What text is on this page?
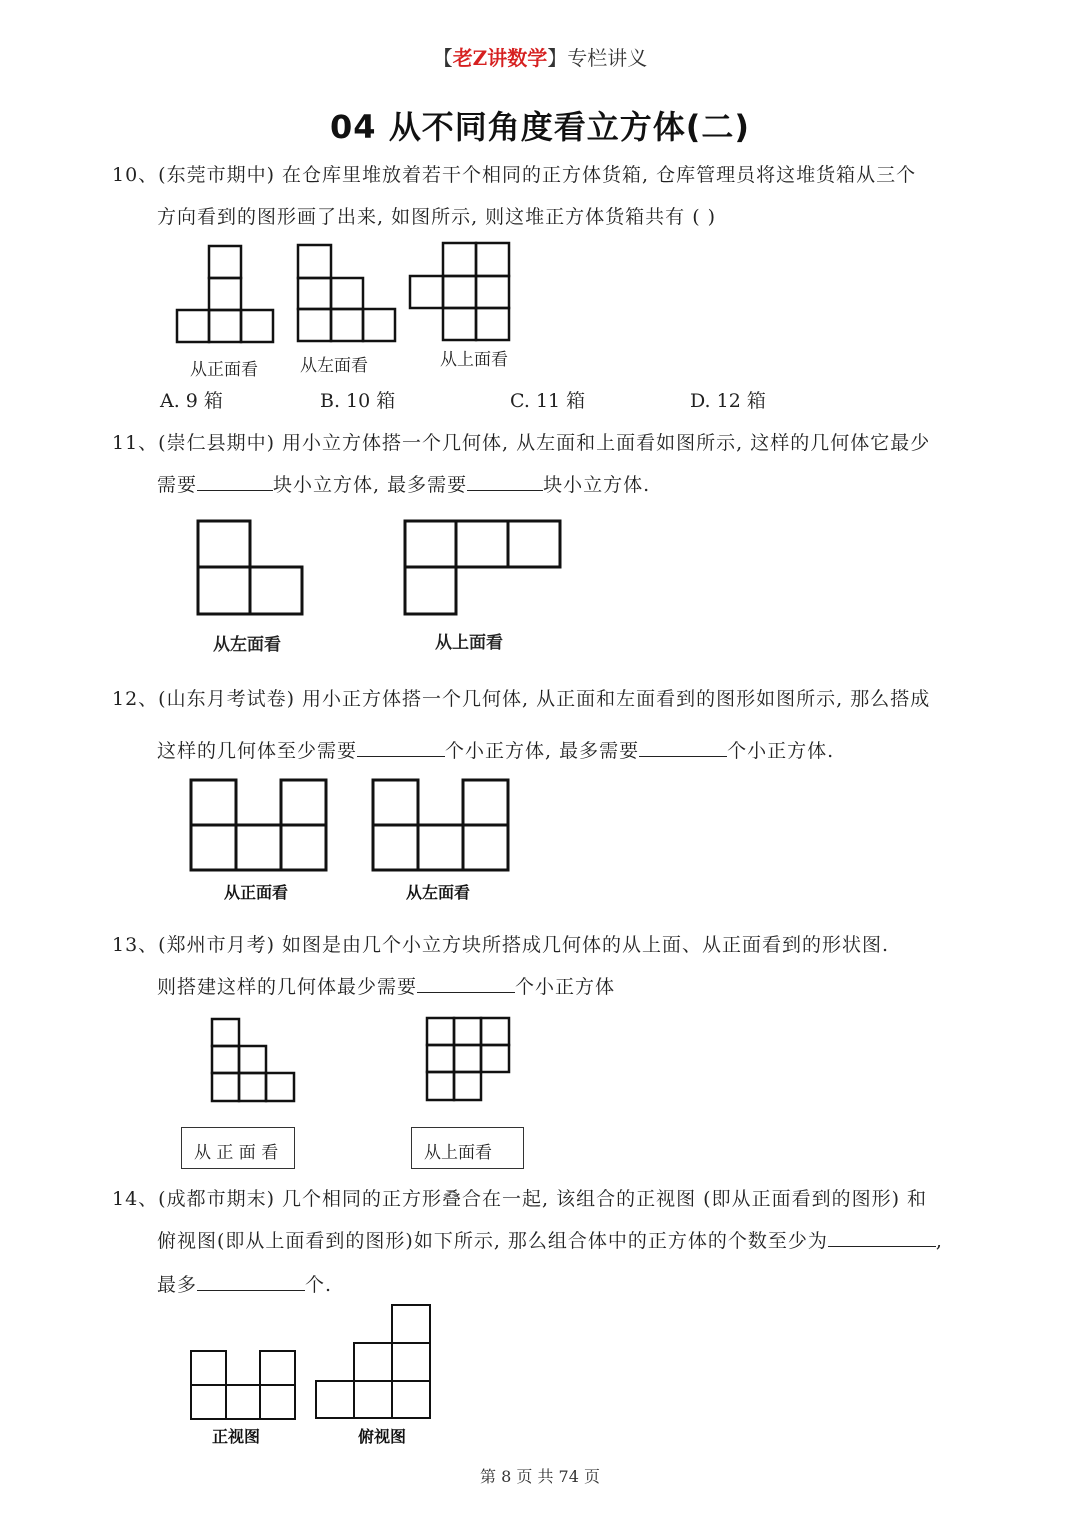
【老Z讲数学】专栏讲义
04 从不同角度看立方体(二)
10、(东莞市期中) 在仓库里堆放着若干个相同的正方体货箱, 仓库管理员将这堆货箱从三个
方向看到的图形画了出来, 如图所示, 则这堆正方体货箱共有 ( )
从正面看 从左面看	从上面看
A. 9 箱	B. 10 箱	C. 11 箱	D. 12 箱
11、(崇仁县期中) 用小立方体搭一个几何体, 从左面和上面看如图所示, 这样的几何体它最少
需要	块小立方体, 最多需要	块小立方体.
从左面看	从上面看
12、(山东月考试卷) 用小正方体搭一个几何体, 从正面和左面看到的图形如图所示, 那么搭成
这样的几何体至少需要	个小正方体, 最多需要	个小正方体.
从正面看	从左面看
13、(郑州市月考) 如图是由几个小立方块所搭成几何体的从上面、从正面看到的形状图.
则搭建这样的几何体最少需要	个小正方体
从 正 面 看	从上面看
14、(成都市期末) 几个相同的正方形叠合在一起, 该组合的正视图 (即从正面看到的图形) 和
俯视图(即从上面看到的图形)如下所示, 那么组合体中的正方体的个数至少为	,
最多	个.
正视图	俯视图
第 8 页 共 74 页
